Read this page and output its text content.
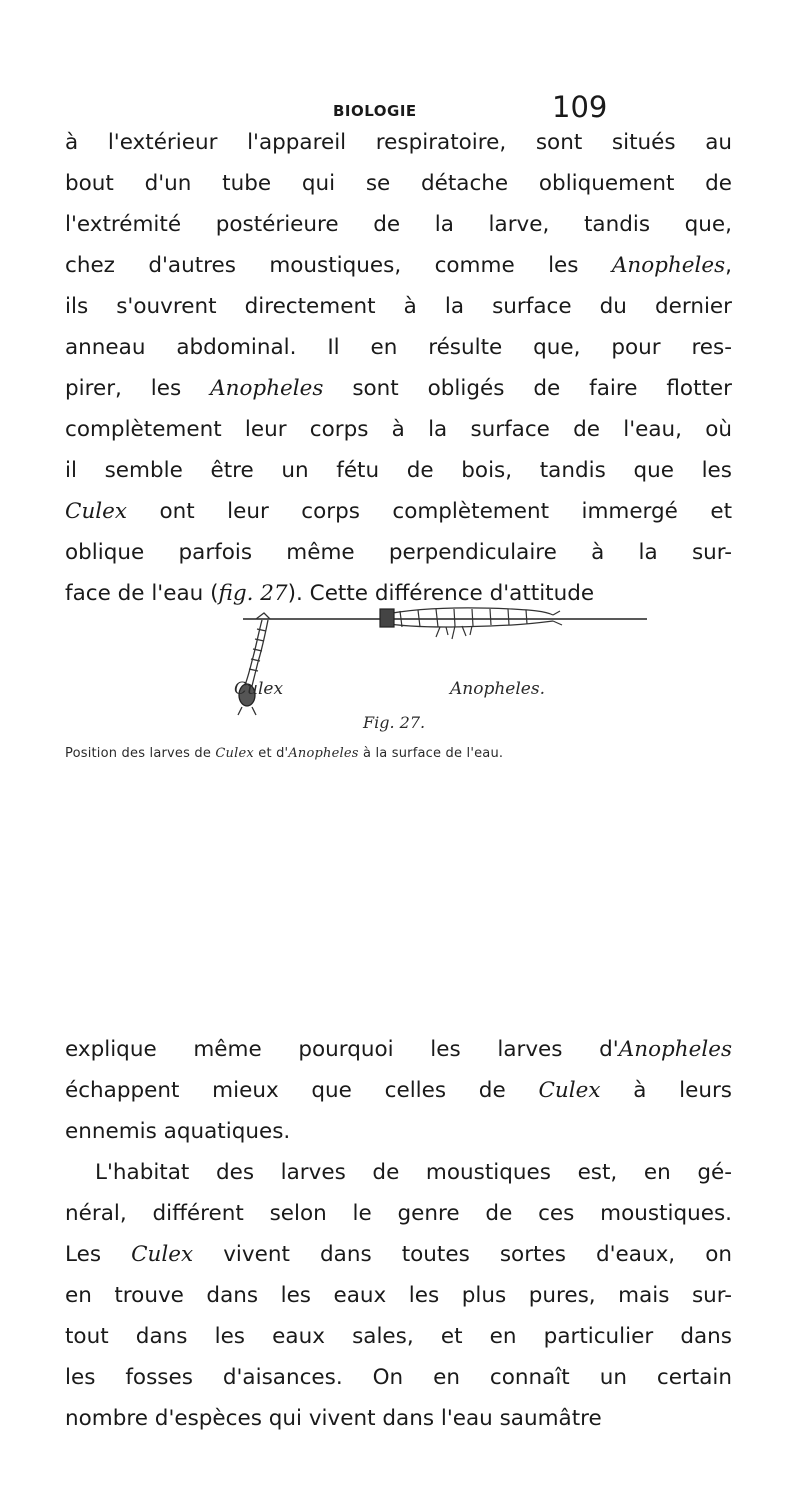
BIOLOGIE	109
à l'extérieur l'appareil respiratoire, sont situés au
bout d'un tube qui se détache obliquement de
l'extrémité postérieure de la larve, tandis que,
chez d'autres moustiques, comme les Anopheles,
ils s'ouvrent directement à la surface du dernier
anneau abdominal. Il en résulte que, pour res-
pirer, les Anopheles sont obligés de faire flotter
complètement leur corps à la surface de l'eau, où
il semble être un fétu de bois, tandis que les
Culex ont leur corps complètement immergé et
oblique parfois même perpendiculaire à la sur-
face de l'eau (fig. 27). Cette différence d'attitude
Culex	Anopheles.
Fig. 27.
Position des larves de Culex et d'Anopheles à la surface de l'eau.
explique même pourquoi les larves d'Anopheles
échappent mieux que celles de Culex à leurs
ennemis aquatiques.
L'habitat des larves de moustiques est, en gé-
néral, différent selon le genre de ces moustiques.
Les Culex vivent dans toutes sortes d'eaux, on
en trouve dans les eaux les plus pures, mais sur-
tout dans les eaux sales, et en particulier dans
les fosses d'aisances. On en connaît un certain
nombre d'espèces qui vivent dans l'eau saumâtre
